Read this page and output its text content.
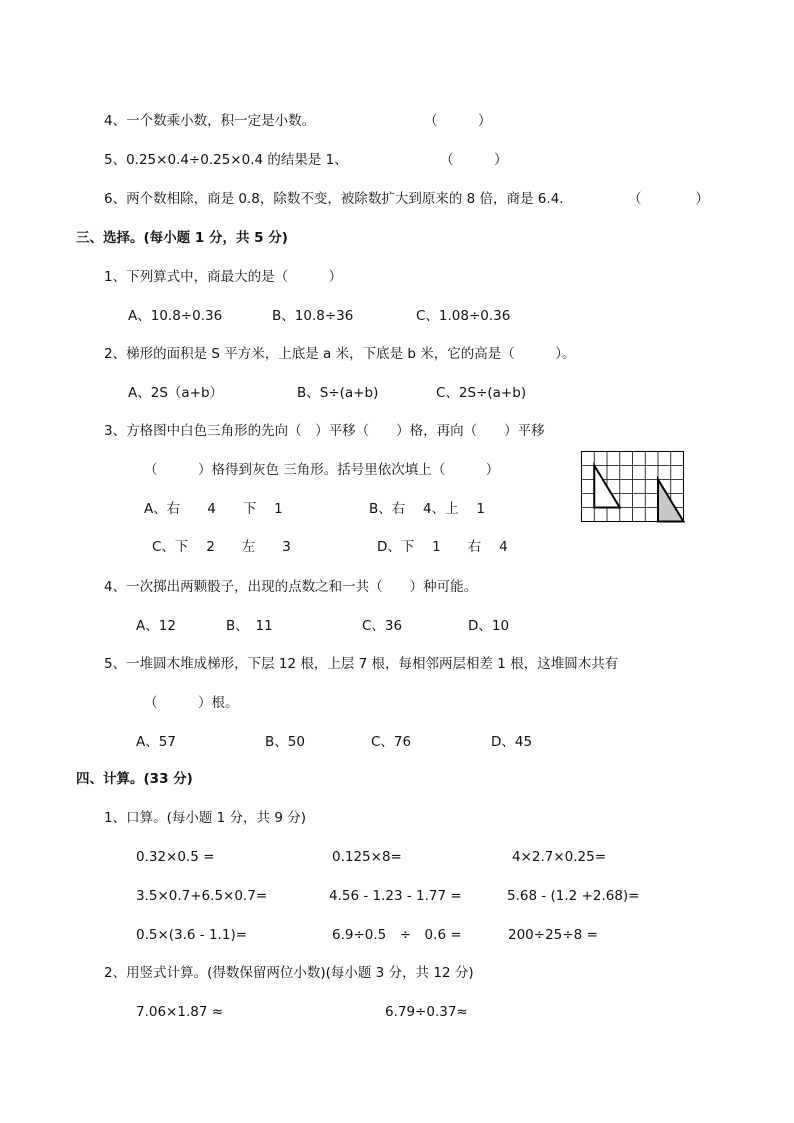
4、一个数乘小数，积一定是小数。	（　　　）
5、0.25×0.4÷0.25×0.4 的结果是 1、	（　　　）
6、两个数相除，商是 0.8，除数不变，被除数扩大到原来的 8 倍，商是 6.4.	（　　　　）
三、选择。(每小题 1 分，共 5 分)
1、下列算式中，商最大的是（　　　）
A、10.8÷0.36	B、10.8÷36	C、1.08÷0.36
2、梯形的面积是 S 平方米，上底是 a 米，下底是 b 米，它的高是（　　　）。
A、2S（a+b）	B、S÷(a+b)	C、2S÷(a+b)
3、方格图中白色三角形的先向（　）平移（　　）格，再向（　　）平移
（　　　）格得到灰色 三角形。括号里依次填上（　　　）
A、右　　4　　下　 1	B、右　 4、上　 1
C、下　 2　　左　　3	D、下　 1　　右　 4
4、一次掷出两颗骰子，出现的点数之和一共（　　）种可能。
A、12	B、　11	C、36	D、10
5、一堆圆木堆成梯形，下层 12 根，上层 7 根，每相邻两层相差 1 根，这堆圆木共有
（　　　）根。
A、57	B、50	C、76	D、45
四、计算。(33 分)
1、口算。(每小题 1 分，共 9 分)
0.32×0.5 =	0.125×8=	4×2.7×0.25=
3.5×0.7+6.5×0.7=	4.56 - 1.23 - 1.77 =	5.68 - (1.2 +2.68)=
0.5×(3.6 - 1.1)=	6.9÷0.5　÷　0.6 =	200÷25÷8 =
2、用竖式计算。(得数保留两位小数)(每小题 3 分，共 12 分)
7.06×1.87 ≈	6.79÷0.37≈
